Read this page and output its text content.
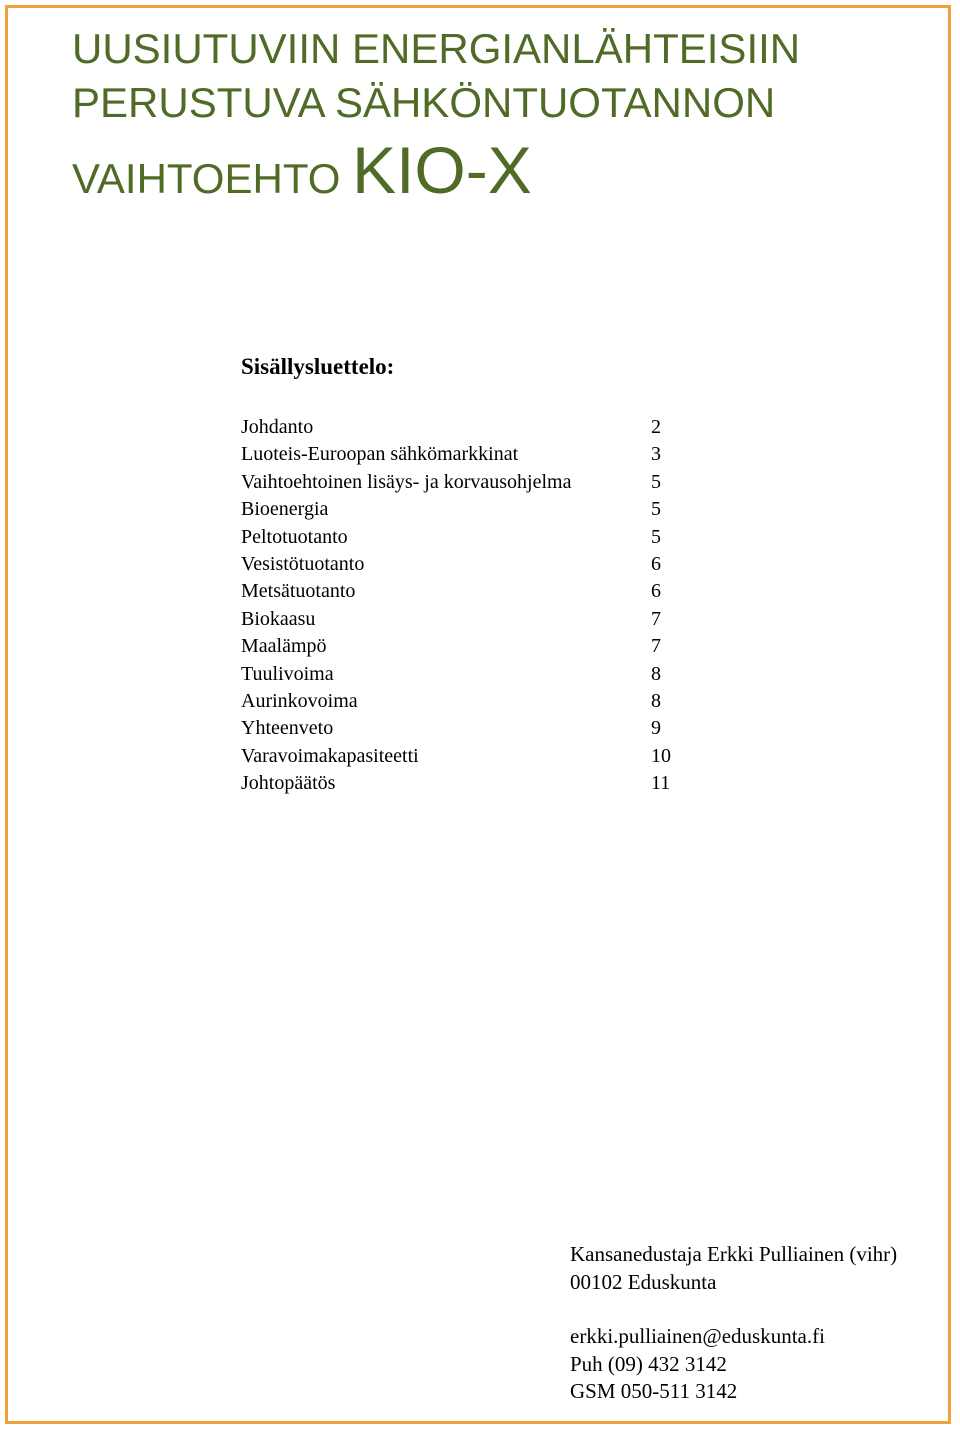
UUSIUTUVIIN ENERGIANLÄHTEISIIN
PERUSTUVA SÄHKÖNTUOTANNON
VAIHTOEHTO KIO-X
Sisällysluettelo:
Johdanto	2
Luoteis-Euroopan sähkömarkkinat	3
Vaihtoehtoinen lisäys- ja korvausohjelma	5
Bioenergia	5
Peltotuotanto	5
Vesistötuotanto	6
Metsätuotanto	6
Biokaasu	7
Maalämpö	7
Tuulivoima	8
Aurinkovoima	8
Yhteenveto	9
Varavoimakapasiteetti	10
Johtopäätös	11
Kansanedustaja Erkki Pulliainen (vihr)
00102 Eduskunta
erkki.pulliainen@eduskunta.fi
Puh (09) 432 3142
GSM 050-511 3142
